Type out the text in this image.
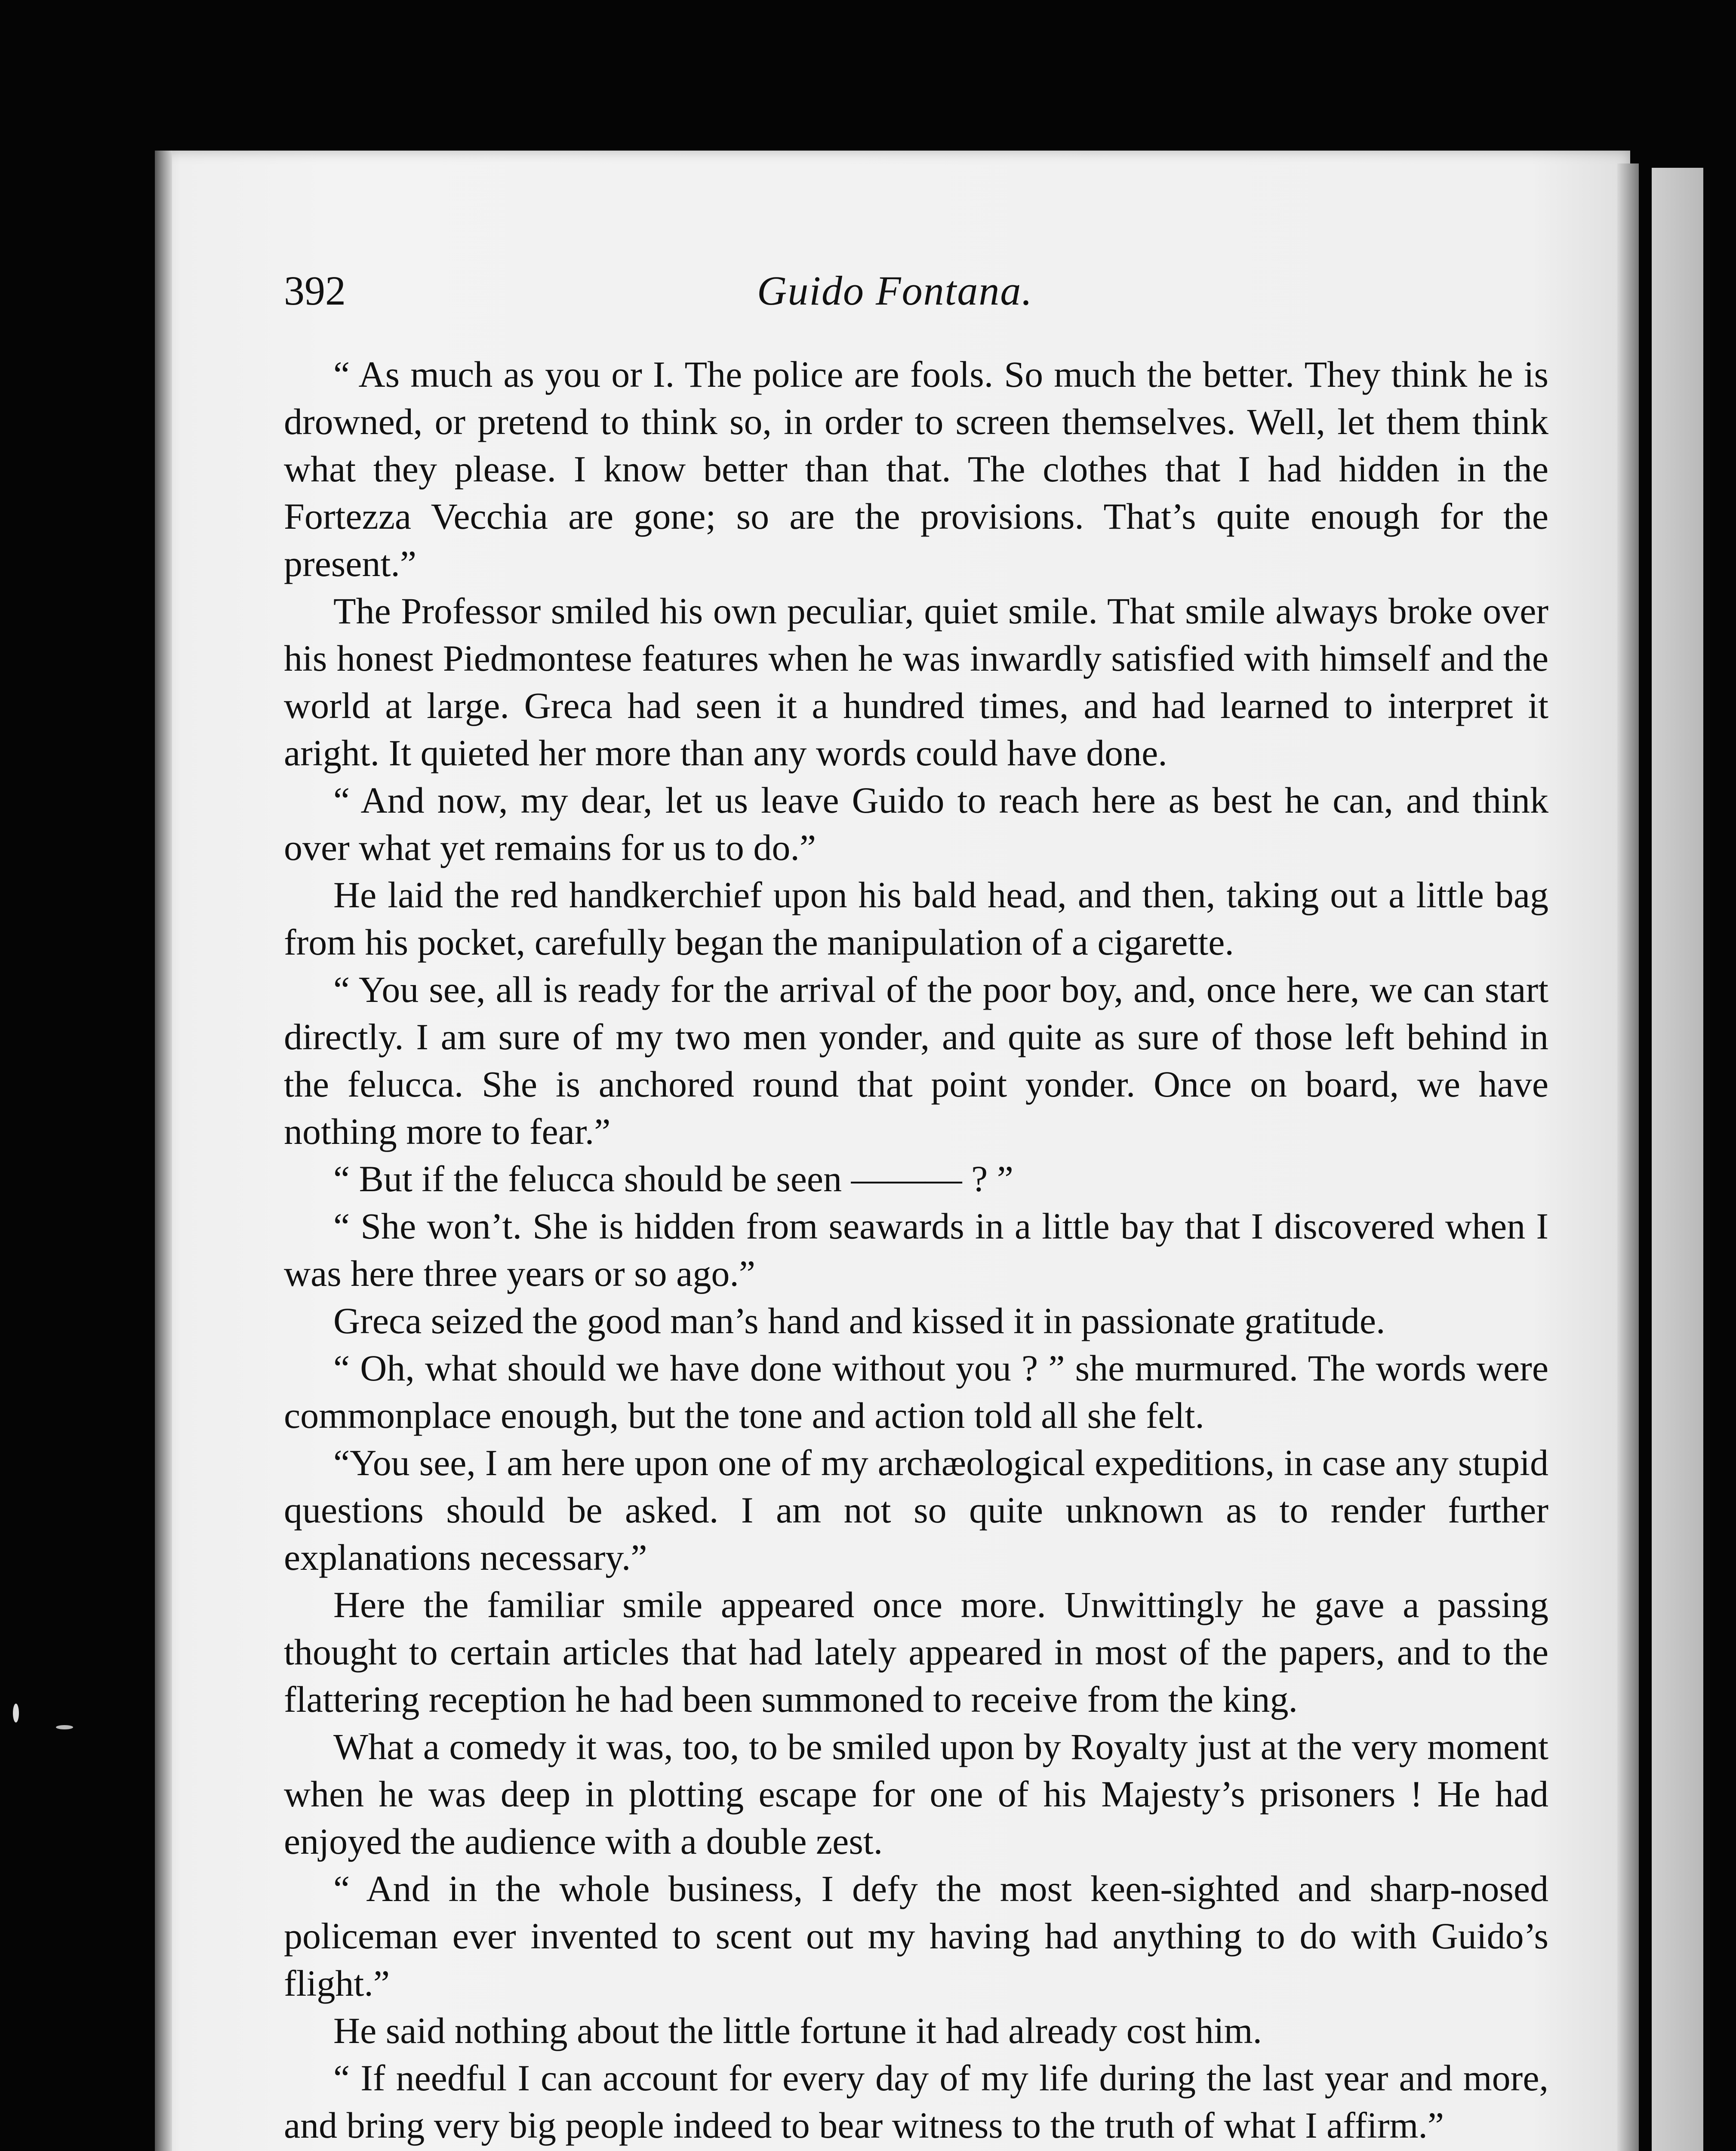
392	Guido Fontana.

“ As much as you or I. The police are fools. So much the better. They think he is drowned, or pretend to think so, in order to screen themselves. Well, let them think what they please. I know better than that. The clothes that I had hidden in the Fortezza Vecchia are gone; so are the provisions. That’s quite enough for the present.”

The Professor smiled his own peculiar, quiet smile. That smile always broke over his honest Piedmontese features when he was inwardly satisfied with himself and the world at large. Greca had seen it a hundred times, and had learned to interpret it aright. It quieted her more than any words could have done.

“ And now, my dear, let us leave Guido to reach here as best he can, and think over what yet remains for us to do.”

He laid the red handkerchief upon his bald head, and then, taking out a little bag from his pocket, carefully began the manipulation of a cigarette.

“ You see, all is ready for the arrival of the poor boy, and, once here, we can start directly. I am sure of my two men yonder, and quite as sure of those left behind in the felucca. She is anchored round that point yonder. Once on board, we have nothing more to fear.”

“ But if the felucca should be seen ——— ? ”

“ She won’t. She is hidden from seawards in a little bay that I discovered when I was here three years or so ago.”

Greca seized the good man’s hand and kissed it in passionate gratitude.

“ Oh, what should we have done without you ? ” she murmured. The words were commonplace enough, but the tone and action told all she felt.

“You see, I am here upon one of my archæological expeditions, in case any stupid questions should be asked. I am not so quite unknown as to render further explanations necessary.”

Here the familiar smile appeared once more. Unwittingly he gave a passing thought to certain articles that had lately appeared in most of the papers, and to the flattering reception he had been summoned to receive from the king.

What a comedy it was, too, to be smiled upon by Royalty just at the very moment when he was deep in plotting escape for one of his Majesty’s prisoners ! He had enjoyed the audience with a double zest.

“ And in the whole business, I defy the most keen-sighted and sharp-nosed policeman ever invented to scent out my having had anything to do with Guido’s flight.”

He said nothing about the little fortune it had already cost him.

“ If needful I can account for every day of my life during the last year and more, and bring very big people indeed to bear witness to the truth of what I affirm.”
